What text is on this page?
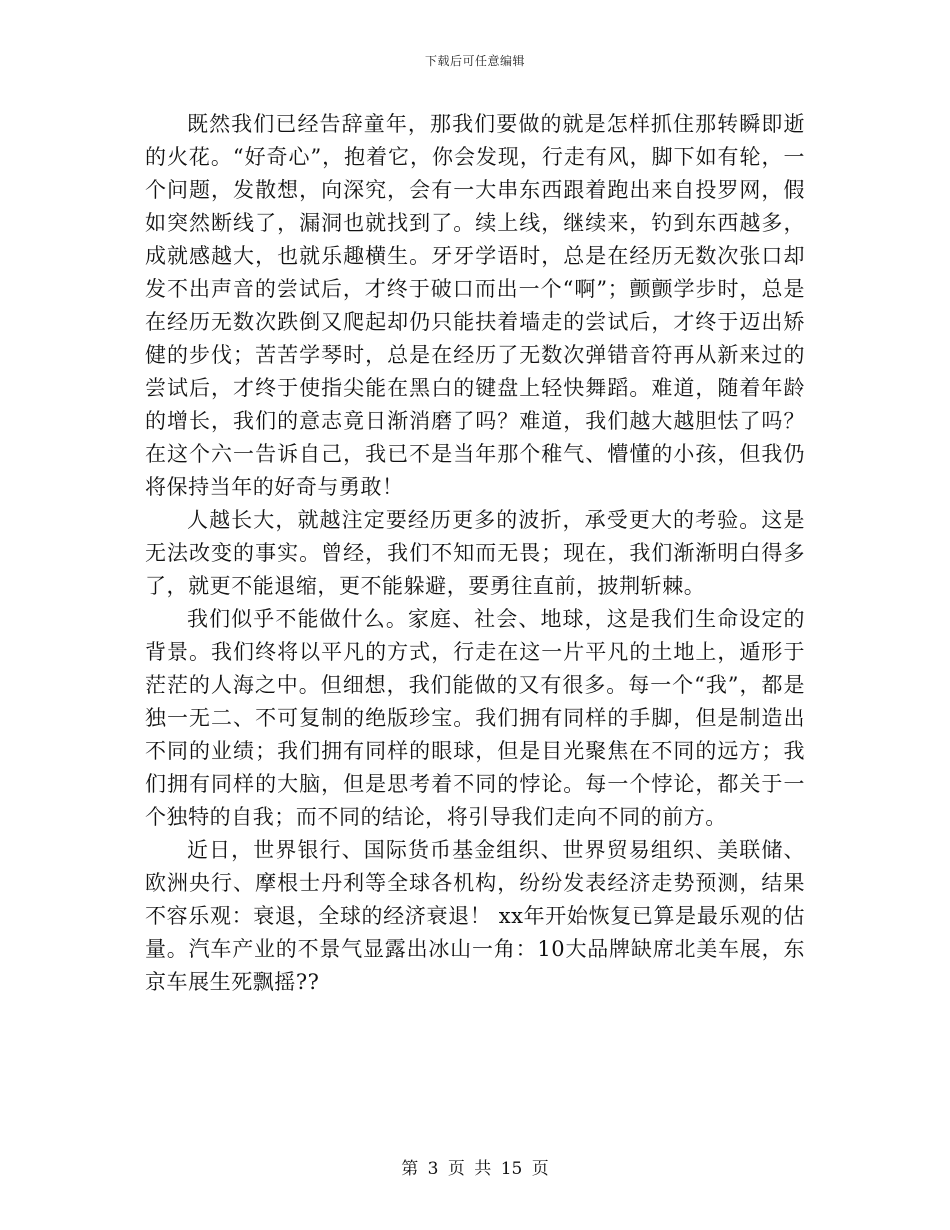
下载后可任意编辑

既然我们已经告辞童年，那我们要做的就是怎样抓住那转瞬即逝的火花。“好奇心”，抱着它，你会发现，行走有风，脚下如有轮，一个问题，发散想，向深究，会有一大串东西跟着跑出来自投罗网，假如突然断线了，漏洞也就找到了。续上线，继续来，钓到东西越多，成就感越大，也就乐趣横生。牙牙学语时，总是在经历无数次张口却发不出声音的尝试后，才终于破口而出一个“啊”；颤颤学步时，总是在经历无数次跌倒又爬起却仍只能扶着墙走的尝试后，才终于迈出矫健的步伐；苦苦学琴时，总是在经历了无数次弹错音符再从新来过的尝试后，才终于使指尖能在黑白的键盘上轻快舞蹈。难道，随着年龄的增长，我们的意志竟日渐消磨了吗？难道，我们越大越胆怯了吗？在这个六一告诉自己，我已不是当年那个稚气、懵懂的小孩，但我仍将保持当年的好奇与勇敢！

人越长大，就越注定要经历更多的波折，承受更大的考验。这是无法改变的事实。曾经，我们不知而无畏；现在，我们渐渐明白得多了，就更不能退缩，更不能躲避，要勇往直前，披荆斩棘。

我们似乎不能做什么。家庭、社会、地球，这是我们生命设定的背景。我们终将以平凡的方式，行走在这一片平凡的土地上，遁形于茫茫的人海之中。但细想，我们能做的又有很多。每一个“我”，都是独一无二、不可复制的绝版珍宝。我们拥有同样的手脚，但是制造出不同的业绩；我们拥有同样的眼球，但是目光聚焦在不同的远方；我们拥有同样的大脑，但是思考着不同的悖论。每一个悖论，都关于一个独特的自我；而不同的结论，将引导我们走向不同的前方。

近日，世界银行、国际货币基金组织、世界贸易组织、美联储、欧洲央行、摩根士丹利等全球各机构，纷纷发表经济走势预测，结果不容乐观：衰退，全球的经济衰退！ xx年开始恢复已算是最乐观的估量。汽车产业的不景气显露出冰山一角：10大品牌缺席北美车展，东京车展生死飘摇??

第 3 页 共 15 页
